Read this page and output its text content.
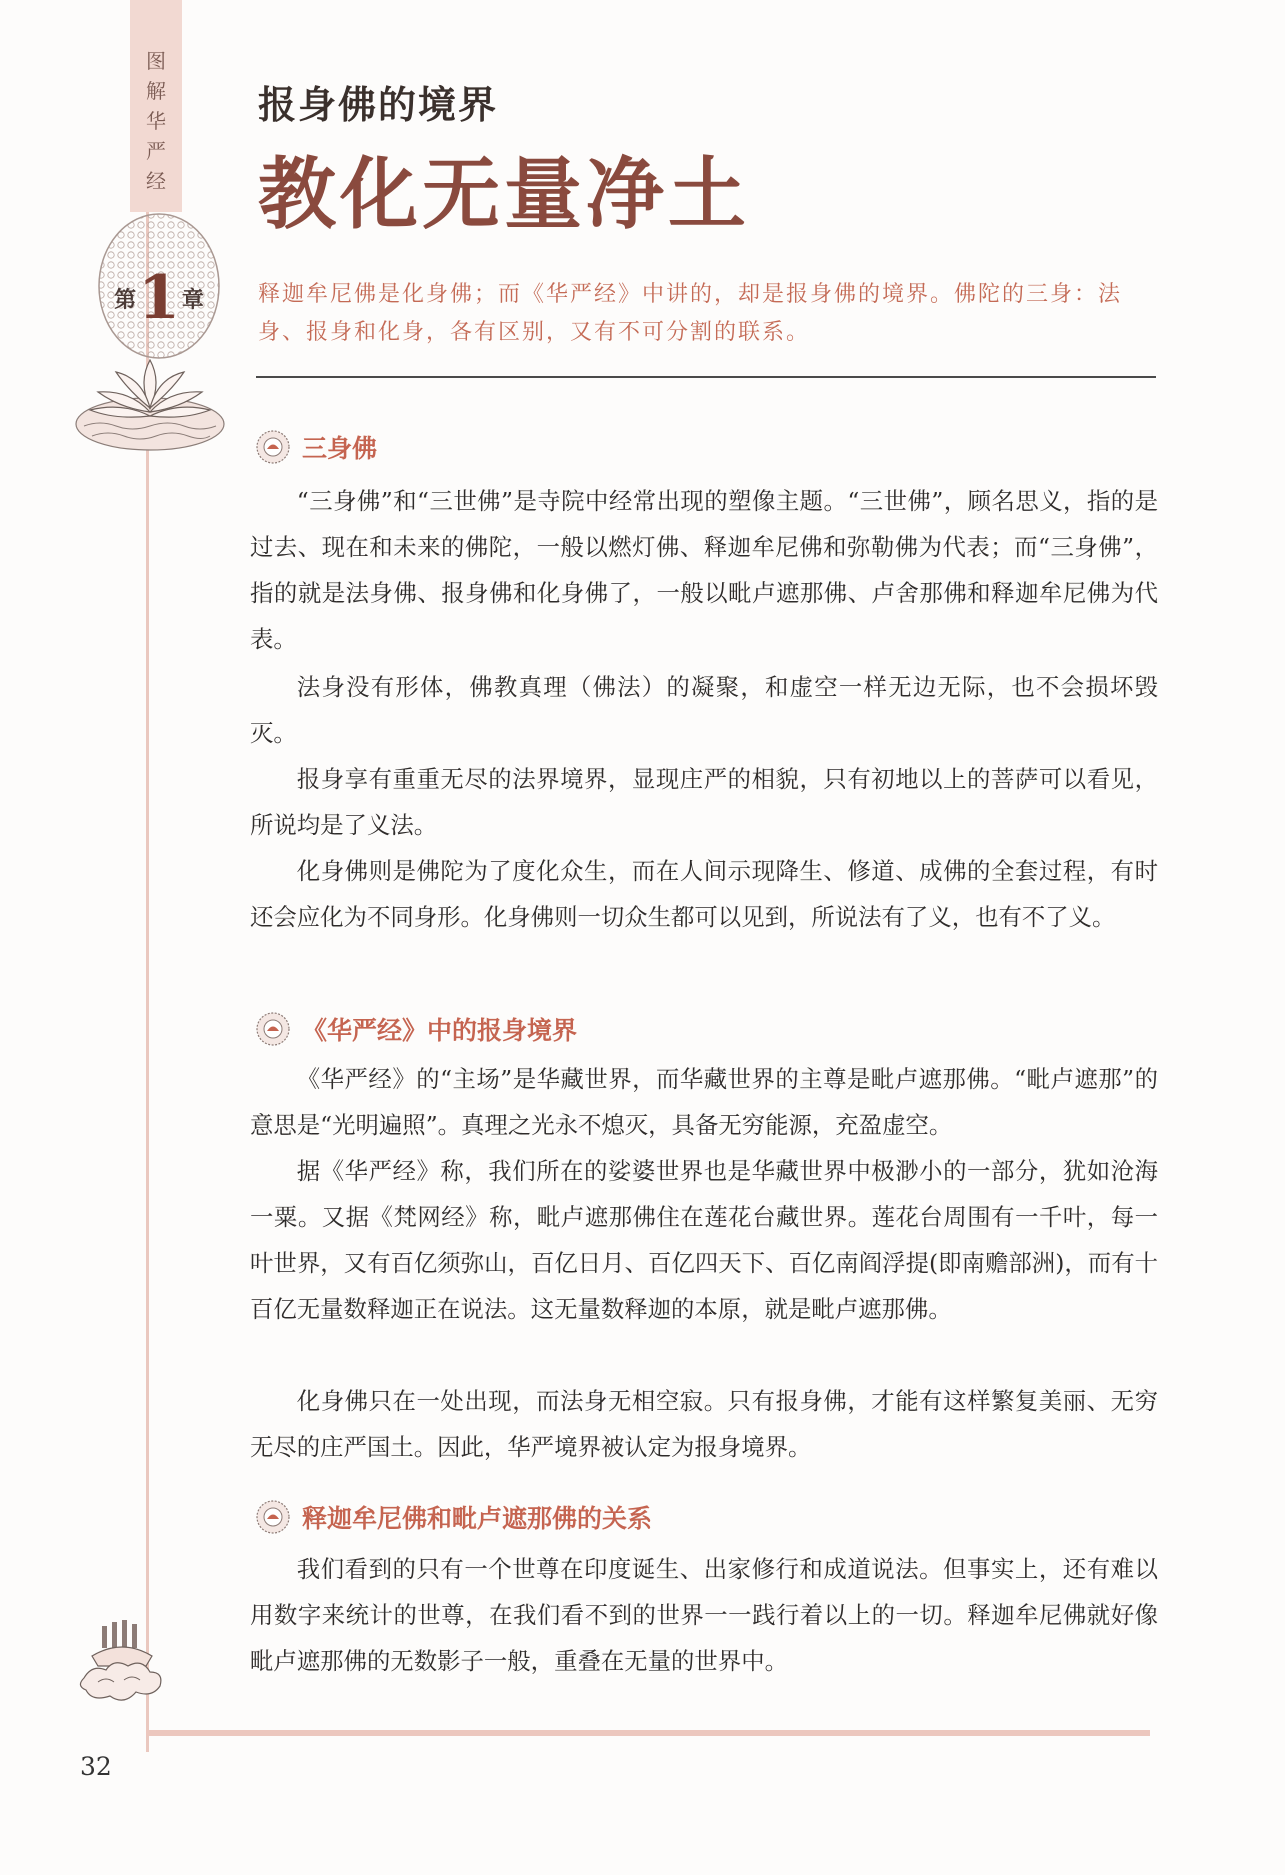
图
解
华
严
经
第 1 章
报身佛的境界
教化无量净土
释迦牟尼佛是化身佛；而《华严经》中讲的，却是报身佛的境界。佛陀的三身：法身、报身和化身，各有区别，又有不可分割的联系。
三身佛

“三身佛”和“三世佛”是寺院中经常出现的塑像主题。“三世佛”，顾名思义，指的是过去、现在和未来的佛陀，一般以燃灯佛、释迦牟尼佛和弥勒佛为代表；而“三身佛”，指的就是法身佛、报身佛和化身佛了，一般以毗卢遮那佛、卢舍那佛和释迦牟尼佛为代表。

法身没有形体，佛教真理（佛法）的凝聚，和虚空一样无边无际，也不会损坏毁灭。

报身享有重重无尽的法界境界，显现庄严的相貌，只有初地以上的菩萨可以看见，所说均是了义法。

化身佛则是佛陀为了度化众生，而在人间示现降生、修道、成佛的全套过程，有时还会应化为不同身形。化身佛则一切众生都可以见到，所说法有了义，也有不了义。

《华严经》中的报身境界

《华严经》的“主场”是华藏世界，而华藏世界的主尊是毗卢遮那佛。“毗卢遮那”的意思是“光明遍照”。真理之光永不熄灭，具备无穷能源，充盈虚空。

据《华严经》称，我们所在的娑婆世界也是华藏世界中极渺小的一部分，犹如沧海一粟。又据《梵网经》称，毗卢遮那佛住在莲花台藏世界。莲花台周围有一千叶，每一叶世界，又有百亿须弥山，百亿日月、百亿四天下、百亿南阎浮提(即南赡部洲)，而有十百亿无量数释迦正在说法。这无量数释迦的本原，就是毗卢遮那佛。

化身佛只在一处出现，而法身无相空寂。只有报身佛，才能有这样繁复美丽、无穷无尽的庄严国土。因此，华严境界被认定为报身境界。

释迦牟尼佛和毗卢遮那佛的关系

我们看到的只有一个世尊在印度诞生、出家修行和成道说法。但事实上，还有难以用数字来统计的世尊，在我们看不到的世界一一践行着以上的一切。释迦牟尼佛就好像毗卢遮那佛的无数影子一般，重叠在无量的世界中。

32
